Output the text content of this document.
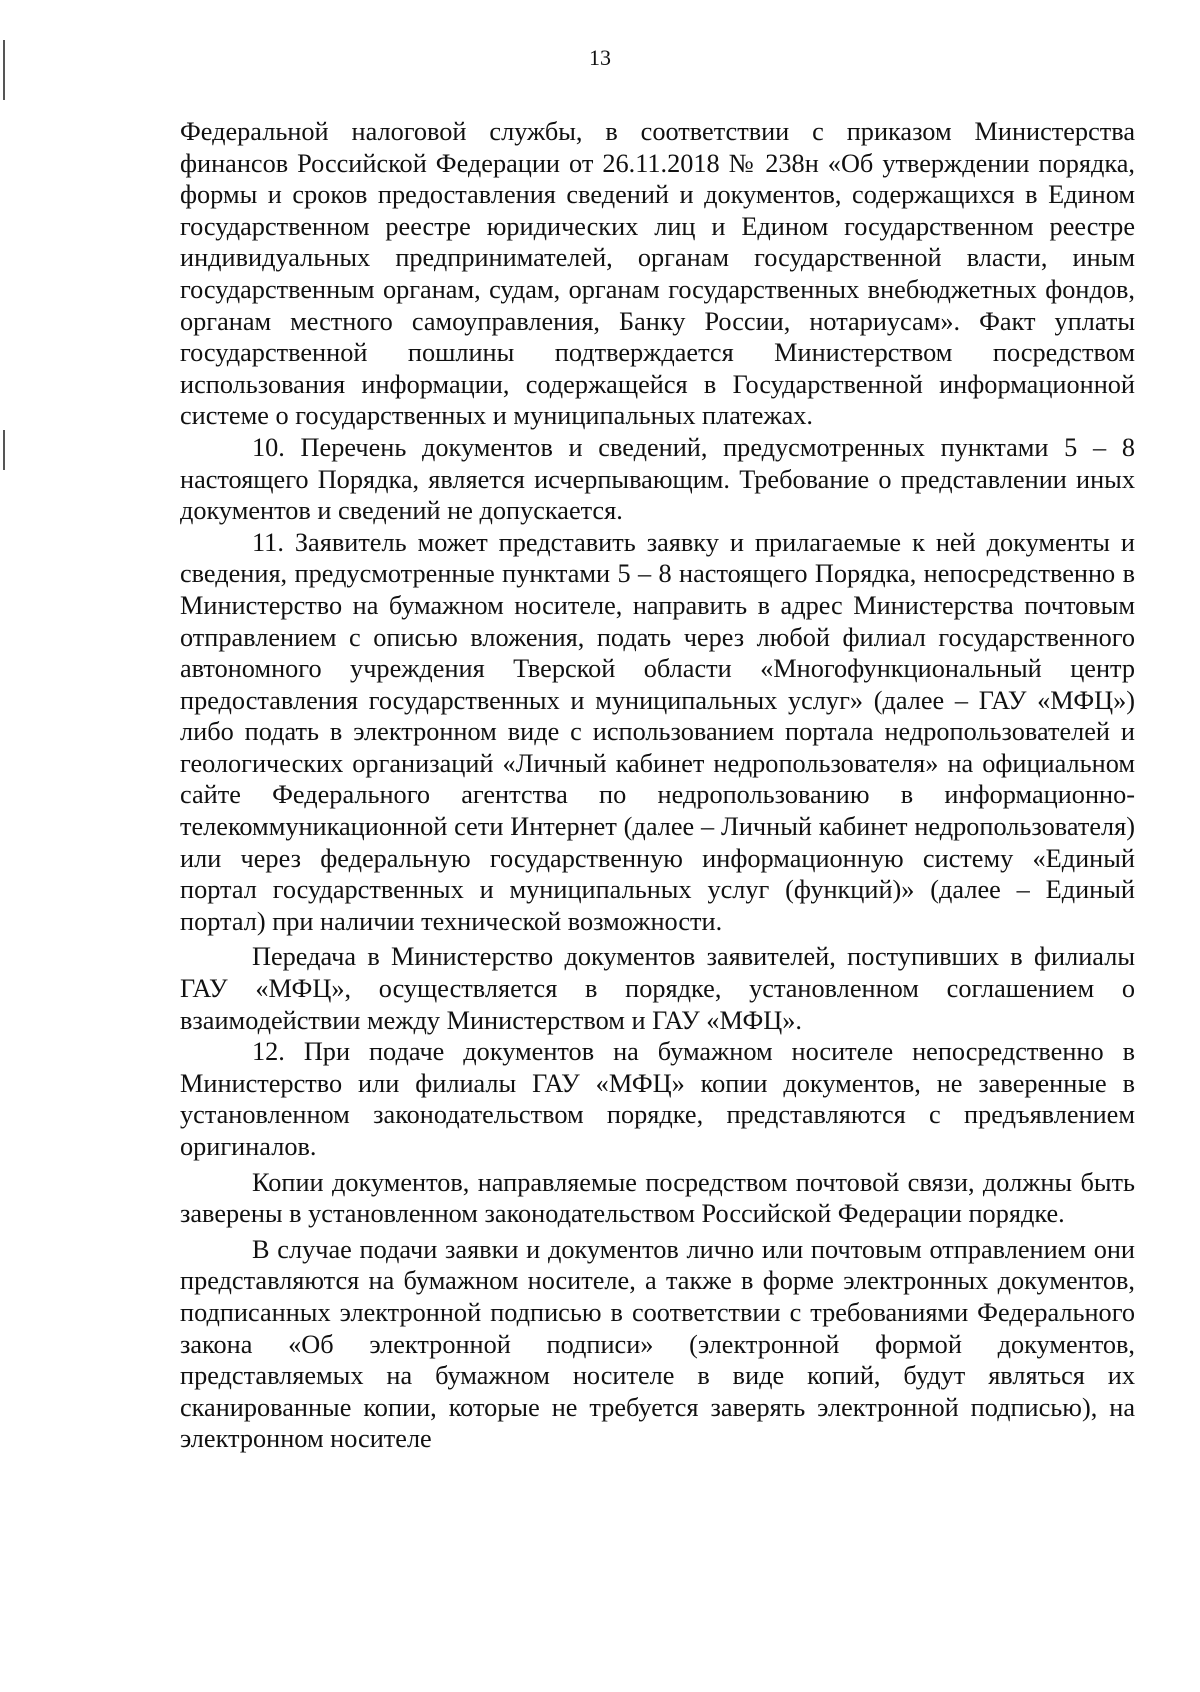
13

Федеральной налоговой службы, в соответствии с приказом Министерства финансов Российской Федерации от 26.11.2018 № 238н «Об утверждении порядка, формы и сроков предоставления сведений и документов, содержащихся в Едином государственном реестре юридических лиц и Едином государственном реестре индивидуальных предпринимателей, органам государственной власти, иным государственным органам, судам, органам государственных внебюджетных фондов, органам местного самоуправления, Банку России, нотариусам». Факт уплаты государственной пошлины подтверждается Министерством посредством использования информации, содержащейся в Государственной информационной системе о государственных и муниципальных платежах.

10. Перечень документов и сведений, предусмотренных пунктами 5 – 8 настоящего Порядка, является исчерпывающим. Требование о представлении иных документов и сведений не допускается.

11. Заявитель может представить заявку и прилагаемые к ней документы и сведения, предусмотренные пунктами 5 – 8 настоящего Порядка, непосредственно в Министерство на бумажном носителе, направить в адрес Министерства почтовым отправлением с описью вложения, подать через любой филиал государственного автономного учреждения Тверской области «Многофункциональный центр предоставления государственных и муниципальных услуг» (далее – ГАУ «МФЦ») либо подать в электронном виде с использованием портала недропользователей и геологических организаций «Личный кабинет недропользователя» на официальном сайте Федерального агентства по недропользованию в информационно-телекоммуникационной сети Интернет (далее – Личный кабинет недропользователя) или через федеральную государственную информационную систему «Единый портал государственных и муниципальных услуг (функций)» (далее – Единый портал) при наличии технической возможности.

Передача в Министерство документов заявителей, поступивших в филиалы ГАУ «МФЦ», осуществляется в порядке, установленном соглашением о взаимодействии между Министерством и ГАУ «МФЦ».

12. При подаче документов на бумажном носителе непосредственно в Министерство или филиалы ГАУ «МФЦ» копии документов, не заверенные в установленном законодательством порядке, представляются с предъявлением оригиналов.

Копии документов, направляемые посредством почтовой связи, должны быть заверены в установленном законодательством Российской Федерации порядке.

В случае подачи заявки и документов лично или почтовым отправлением они представляются на бумажном носителе, а также в форме электронных документов, подписанных электронной подписью в соответствии с требованиями Федерального закона «Об электронной подписи» (электронной формой документов, представляемых на бумажном носителе в виде копий, будут являться их сканированные копии, которые не требуется заверять электронной подписью), на электронном носителе
